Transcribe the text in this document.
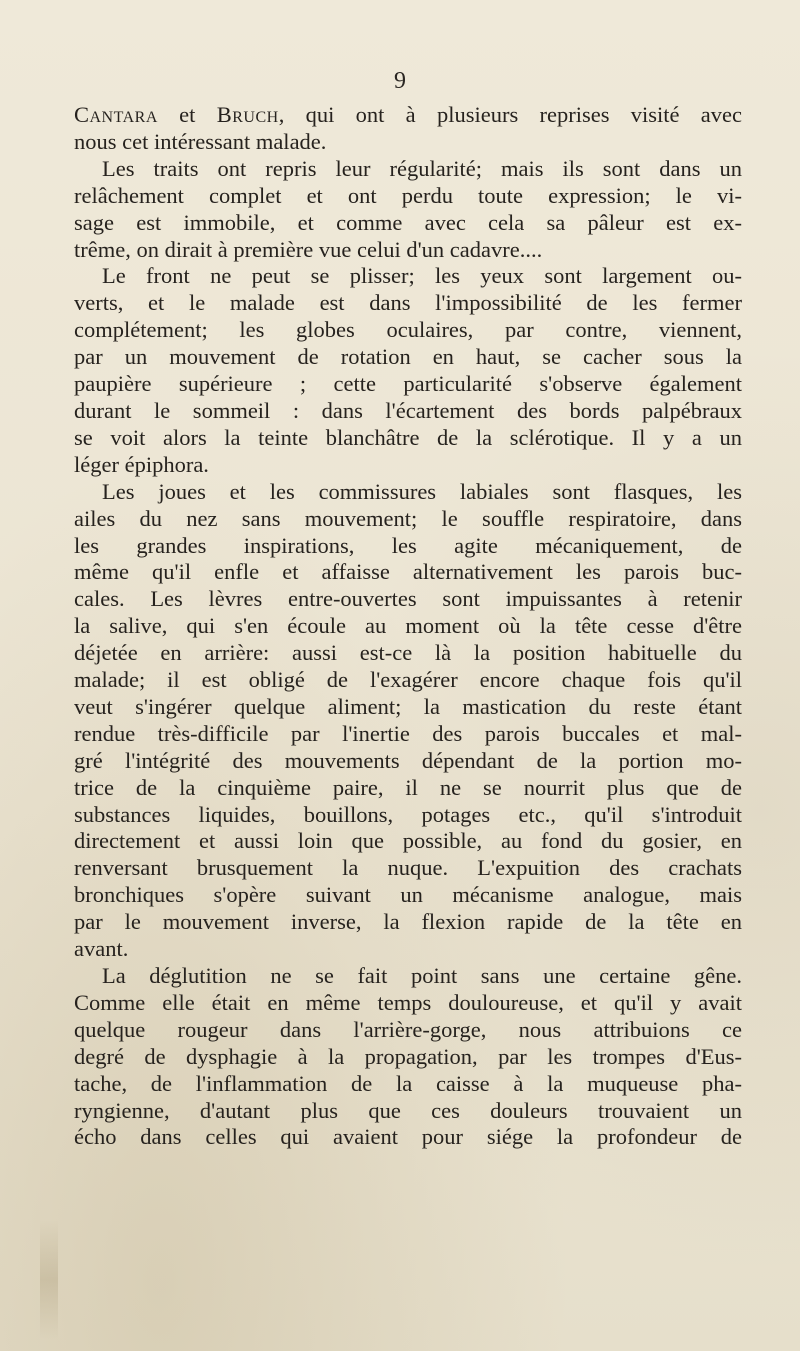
9
Cantara et Bruch, qui ont à plusieurs reprises visité avec
nous cet intéressant malade.
Les traits ont repris leur régularité; mais ils sont dans un
relâchement complet et ont perdu toute expression; le vi-
sage est immobile, et comme avec cela sa pâleur est ex-
trême, on dirait à première vue celui d'un cadavre....
Le front ne peut se plisser; les yeux sont largement ou-
verts, et le malade est dans l'impossibilité de les fermer
complétement; les globes oculaires, par contre, viennent,
par un mouvement de rotation en haut, se cacher sous la
paupière supérieure ; cette particularité s'observe également
durant le sommeil : dans l'écartement des bords palpébraux
se voit alors la teinte blanchâtre de la sclérotique. Il y a un
léger épiphora.
Les joues et les commissures labiales sont flasques, les
ailes du nez sans mouvement; le souffle respiratoire, dans
les grandes inspirations, les agite mécaniquement, de
même qu'il enfle et affaisse alternativement les parois buc-
cales. Les lèvres entre-ouvertes sont impuissantes à retenir
la salive, qui s'en écoule au moment où la tête cesse d'être
déjetée en arrière: aussi est-ce là la position habituelle du
malade; il est obligé de l'exagérer encore chaque fois qu'il
veut s'ingérer quelque aliment; la mastication du reste étant
rendue très-difficile par l'inertie des parois buccales et mal-
gré l'intégrité des mouvements dépendant de la portion mo-
trice de la cinquième paire, il ne se nourrit plus que de
substances liquides, bouillons, potages etc., qu'il s'introduit
directement et aussi loin que possible, au fond du gosier, en
renversant brusquement la nuque. L'expuition des crachats
bronchiques s'opère suivant un mécanisme analogue, mais
par le mouvement inverse, la flexion rapide de la tête en
avant.
La déglutition ne se fait point sans une certaine gêne.
Comme elle était en même temps douloureuse, et qu'il y avait
quelque rougeur dans l'arrière-gorge, nous attribuions ce
degré de dysphagie à la propagation, par les trompes d'Eus-
tache, de l'inflammation de la caisse à la muqueuse pha-
ryngienne, d'autant plus que ces douleurs trouvaient un
écho dans celles qui avaient pour siége la profondeur de
